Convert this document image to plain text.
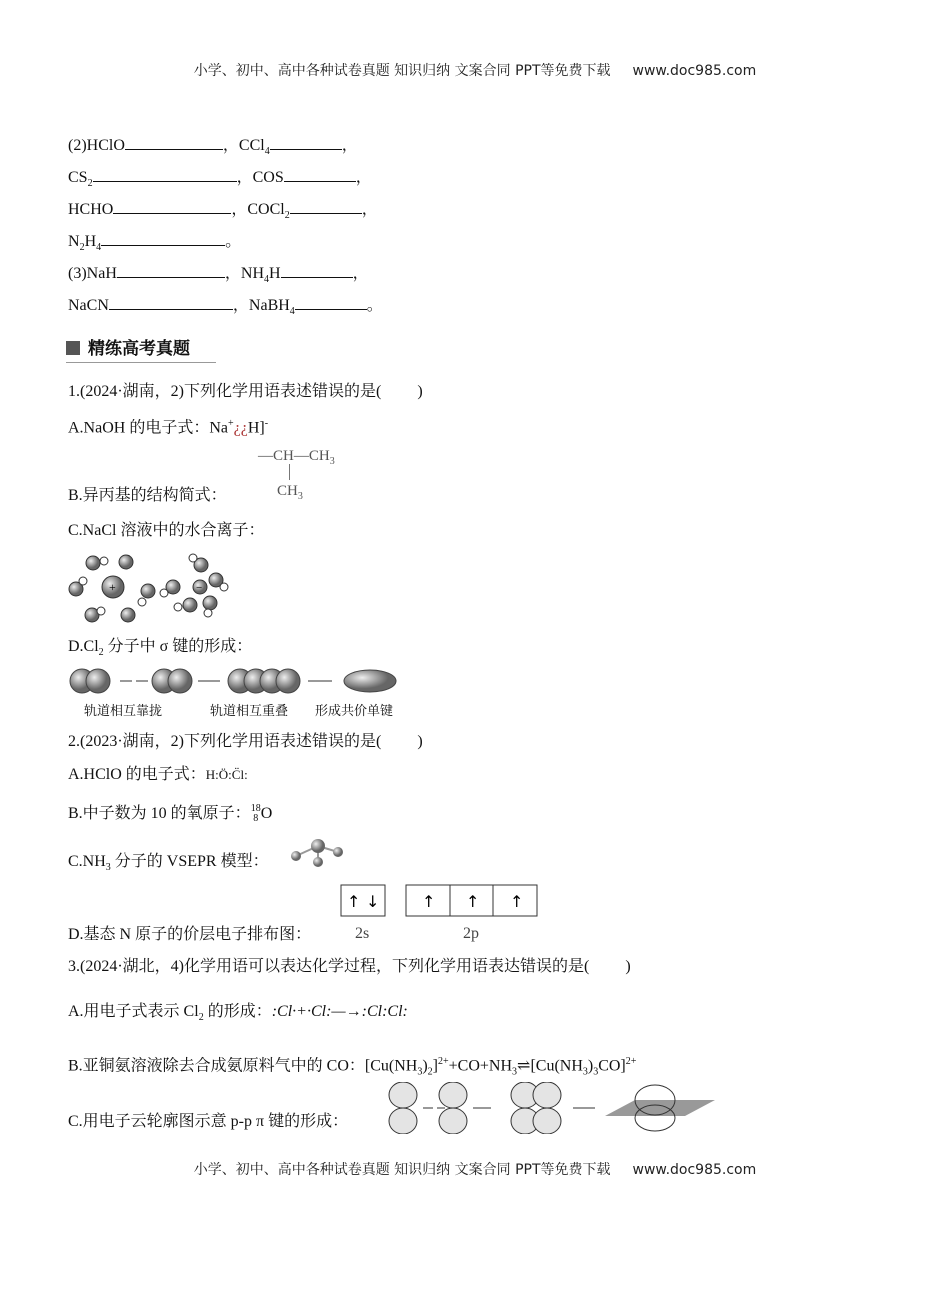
小学、初中、高中各种试卷真题 知识归纳 文案合同 PPT等免费下载 www.doc985.com
(2)HClO	，CCl$_4$	，
$CS_2$	，COS	，
HCHO	，COCl$_2$	，
$N_2H_4$	。
(3)NaH	，$NH_4H$	，
NaCN	，NaBH$_4$	。
精练高考真题
1.(2024·湖南，2)下列化学用语表述错误的是( )
A.NaOH 的电子式：Na+¿¿H]-
$—CH—CH_3$
$CH_3$
B.异丙基的结构简式：
C.NaCl 溶液中的水合离子：
+	−
$D.Cl_2$ 分子中 σ 键的形成：
轨道相互靠拢	轨道相互重叠 形成共价单键
2.(2023·湖南，2)下列化学用语表述错误的是( )
A.HClO 的电子式：H:Ö:C̈l:
B.中子数为 10 的氧原子：18
8 O
$C.NH_3$ 分子的 VSEPR 模型：
↑ ↓	↑ ↑ ↑
2s	2p
D.基态 N 原子的价层电子排布图：
3.(2024·湖北，4)化学用语可以表达化学过程，下列化学用语表达错误的是( )
A.用电子式表示 $Cl_2$ 的形成：:Cl·+·Cl:—→:Cl:Cl:
B.亚铜氨溶液除去合成氨原料气中的 CO：$[Cu(NH_3)_2]^{2+}+CO+NH_3\rightleftharpoons[Cu(NH_3)_3CO]^{2+}$
C.用电子云轮廓图示意 p-p π 键的形成：
小学、初中、高中各种试卷真题 知识归纳 文案合同 PPT等免费下载 www.doc985.com
